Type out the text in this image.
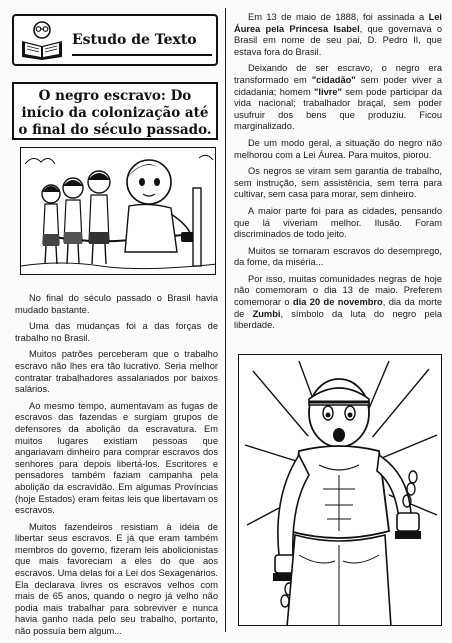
Estudo de Texto
O negro escravo: Do
início da colonização até
o final do século passado.

No final do século passado o Brasil havia mudado bastante.

Uma das mudanças foi a das forças de trabalho no Brasil.

Muitos patrões perceberam que o trabalho escravo não lhes era tão lucrativo. Seria melhor contratar trabalhadores assalariados por baixos salários.

Ao mesmo tempo, aumentavam as fugas de escravos das fazendas e surgiam grupos de defensores da abolição da escravatura. Em muitos lugares existiam pessoas que angariavam dinheiro para comprar escravos dos senhores para depois libertá-los. Escritores e pensadores também faziam campanha pela abolição da escravidão. Em algumas Províncias (hoje Estados) eram feitas leis que libertavam os escravos.

Muitos fazendeiros resistiam à idéia de libertar seus escravos. E já que eram também membros do governo, fizeram leis abolicionistas que mais favoreciam a eles do que aos escravos. Uma delas foi a Lei dos Sexagenários. Ela declarava livres os escravos velhos com mais de 65 anos, quando o negro já velho não podia mais trabalhar para sobreviver e nunca havia ganho nada pelo seu trabalho, portanto, não possuía bem algum...

Em 13 de maio de 1888, foi assinada a Lei Áurea pela Princesa Isabel, que governava o Brasil em nome de seu pai, D. Pedro II, que estava fora do Brasil.

Deixando de ser escravo, o negro era transformado em "cidadão" sem poder viver a cidadania; homem "livre" sem pode participar da vida nacional; trabalhador braçal, sem poder usufruir dos bens que produziu. Ficou marginalizado.

De um modo geral, a situação do negro não melhorou com a Lei Áurea. Para muitos, piorou.

Os negros se viram sem garantia de trabalho, sem instrução, sem assistência, sem terra para cultivar, sem casa para morar, sem dinheiro.

A maior parte foi para as cidades, pensando que lá viveriam melhor. Ilusão. Foram discriminados de todo jeito.

Muitos se tornaram escravos do desemprego, da fome, da miséria...

Por isso, muitas comunidades negras de hoje não comemoram o dia 13 de maio. Preferem comemorar o dia 20 de novembro, dia da morte de Zumbi, símbolo da luta do negro pela liberdade.
